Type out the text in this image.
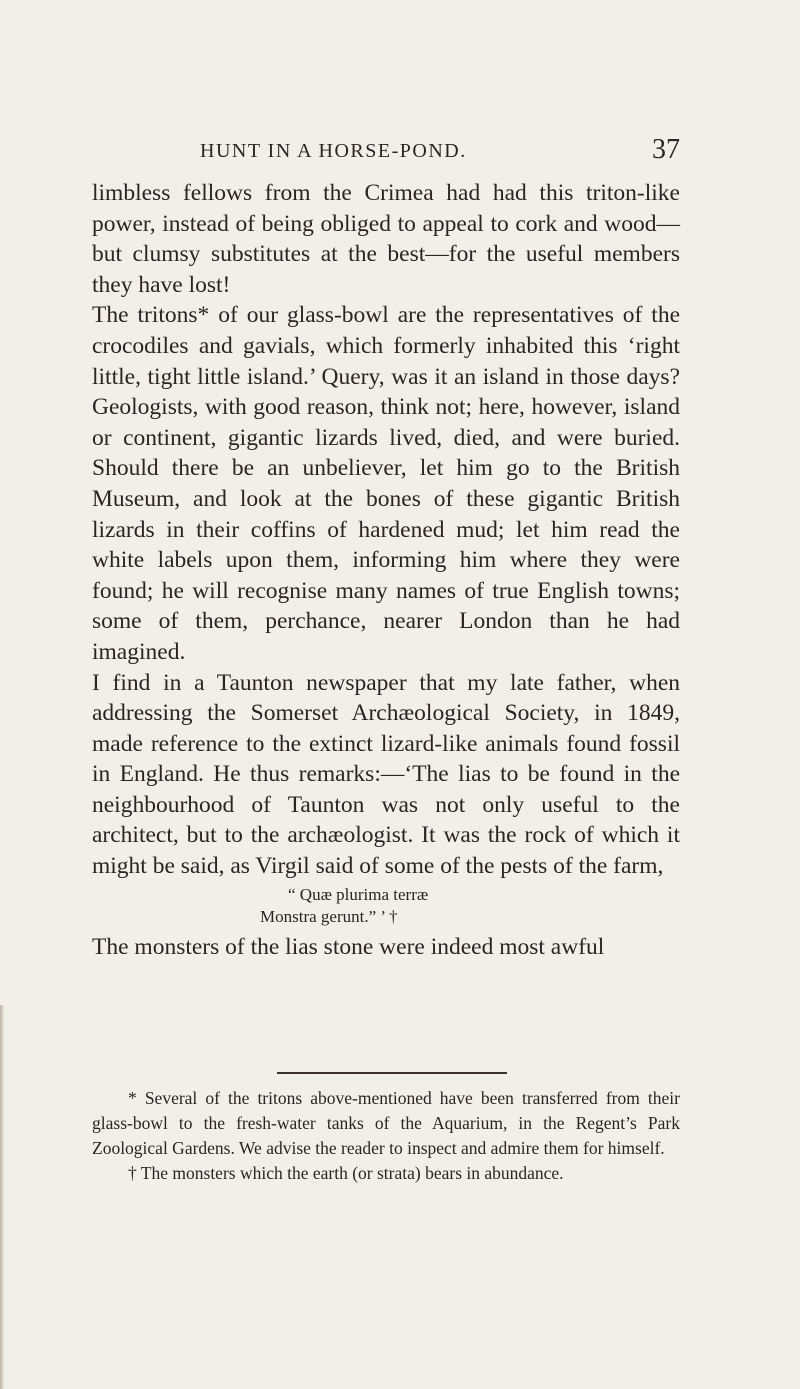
HUNT IN A HORSE-POND.	37

limbless fellows from the Crimea had had this triton-like power, instead of being obliged to appeal to cork and wood—but clumsy substitutes at the best—for the useful members they have lost!

The tritons* of our glass-bowl are the representatives of the crocodiles and gavials, which formerly inhabited this ‘right little, tight little island.’ Query, was it an island in those days? Geologists, with good reason, think not; here, however, island or continent, gigantic lizards lived, died, and were buried. Should there be an unbeliever, let him go to the British Museum, and look at the bones of these gigantic British lizards in their coffins of hardened mud; let him read the white labels upon them, informing him where they were found; he will recognise many names of true English towns; some of them, perchance, nearer London than he had imagined.

I find in a Taunton newspaper that my late father, when addressing the Somerset Archæological Society, in 1849, made reference to the extinct lizard-like animals found fossil in England. He thus remarks:—‘The lias to be found in the neighbourhood of Taunton was not only useful to the architect, but to the archæologist. It was the rock of which it might be said, as Virgil said of some of the pests of the farm,

“ Quæ plurima terræ
Monstra gerunt.” ’ †

The monsters of the lias stone were indeed most awful

* Several of the tritons above-mentioned have been transferred from their glass-bowl to the fresh-water tanks of the Aquarium, in the Regent’s Park Zoological Gardens. We advise the reader to inspect and admire them for himself.

† The monsters which the earth (or strata) bears in abundance.
